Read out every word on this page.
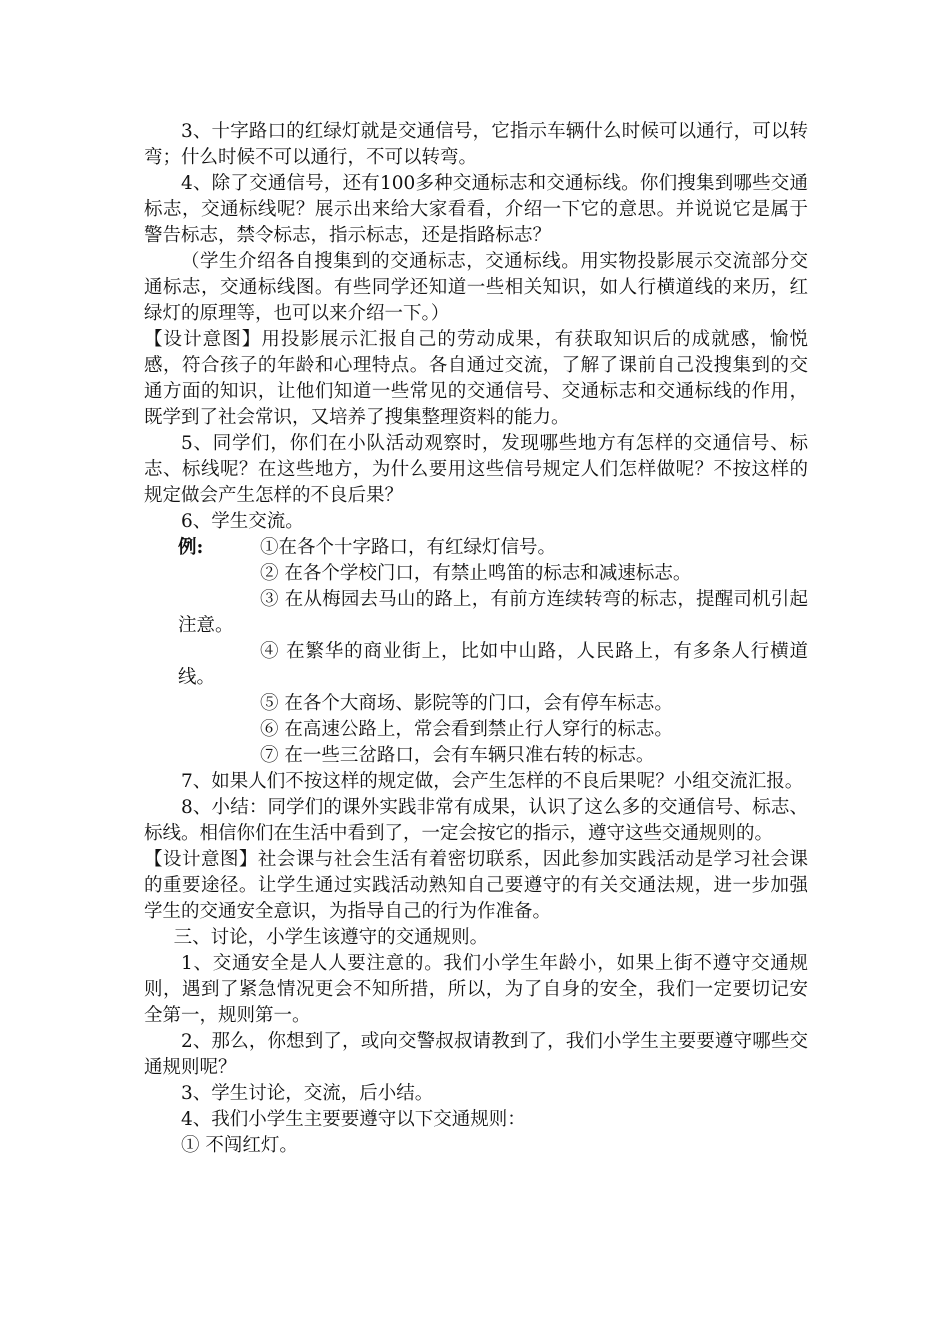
3、十字路口的红绿灯就是交通信号，它指示车辆什么时候可以通行，可以转弯；什么时候不可以通行，不可以转弯。

4、除了交通信号，还有100多种交通标志和交通标线。你们搜集到哪些交通标志，交通标线呢？展示出来给大家看看，介绍一下它的意思。并说说它是属于警告标志，禁令标志，指示标志，还是指路标志？

（学生介绍各自搜集到的交通标志，交通标线。用实物投影展示交流部分交通标志，交通标线图。有些同学还知道一些相关知识，如人行横道线的来历，红绿灯的原理等，也可以来介绍一下。）

【设计意图】用投影展示汇报自己的劳动成果，有获取知识后的成就感，愉悦感，符合孩子的年龄和心理特点。各自通过交流，了解了课前自己没搜集到的交通方面的知识，让他们知道一些常见的交通信号、交通标志和交通标线的作用，既学到了社会常识，又培养了搜集整理资料的能力。

5、同学们，你们在小队活动观察时，发现哪些地方有怎样的交通信号、标志、标线呢？在这些地方，为什么要用这些信号规定人们怎样做呢？不按这样的规定做会产生怎样的不良后果？

6、学生交流。

例:	①在各个十字路口，有红绿灯信号。

② 在各个学校门口，有禁止鸣笛的标志和减速标志。

③ 在从梅园去马山的路上，有前方连续转弯的标志，提醒司机引起注意。

④ 在繁华的商业街上，比如中山路，人民路上，有多条人行横道线。

⑤ 在各个大商场、影院等的门口，会有停车标志。

⑥ 在高速公路上，常会看到禁止行人穿行的标志。

⑦ 在一些三岔路口，会有车辆只准右转的标志。

7、如果人们不按这样的规定做，会产生怎样的不良后果呢？小组交流汇报。

8、小结：同学们的课外实践非常有成果，认识了这么多的交通信号、标志、标线。相信你们在生活中看到了，一定会按它的指示，遵守这些交通规则的。

【设计意图】社会课与社会生活有着密切联系，因此参加实践活动是学习社会课的重要途径。让学生通过实践活动熟知自己要遵守的有关交通法规，进一步加强学生的交通安全意识，为指导自己的行为作准备。

三、讨论，小学生该遵守的交通规则。

1、交通安全是人人要注意的。我们小学生年龄小，如果上街不遵守交通规则，遇到了紧急情况更会不知所措，所以，为了自身的安全，我们一定要切记安全第一，规则第一。

2、那么，你想到了，或向交警叔叔请教到了，我们小学生主要要遵守哪些交通规则呢？

3、学生讨论，交流，后小结。

4、我们小学生主要要遵守以下交通规则：

① 不闯红灯。
